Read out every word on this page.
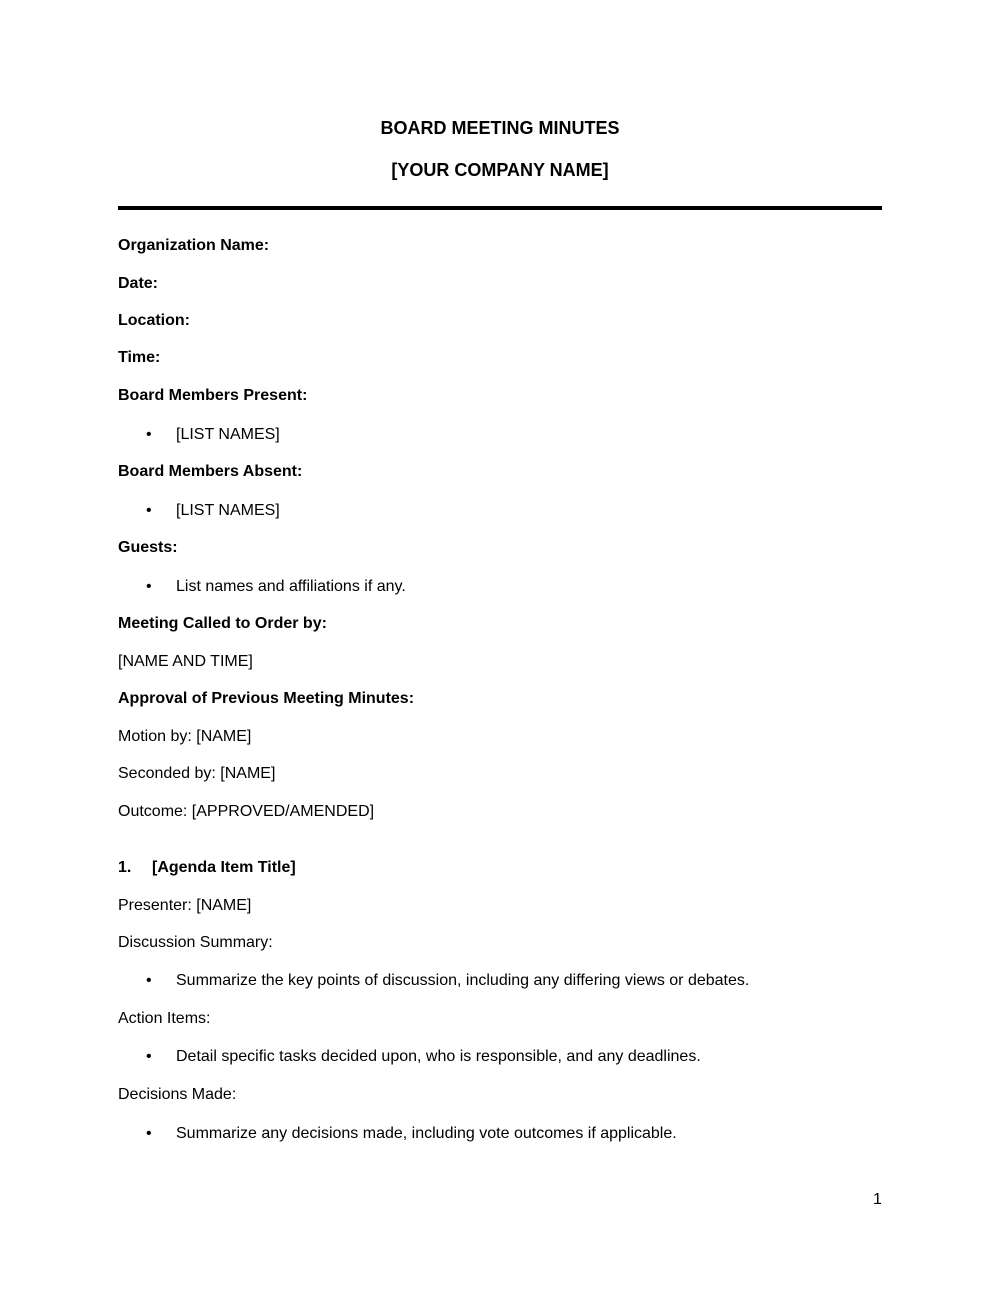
BOARD MEETING MINUTES
[YOUR COMPANY NAME]
Organization Name:
Date:
Location:
Time:
Board Members Present:
• [LIST NAMES]
Board Members Absent:
• [LIST NAMES]
Guests:
• List names and affiliations if any.
Meeting Called to Order by:
[NAME AND TIME]
Approval of Previous Meeting Minutes:
Motion by: [NAME]
Seconded by: [NAME]
Outcome: [APPROVED/AMENDED]
1. [Agenda Item Title]
Presenter: [NAME]
Discussion Summary:
• Summarize the key points of discussion, including any differing views or debates.
Action Items:
• Detail specific tasks decided upon, who is responsible, and any deadlines.
Decisions Made:
• Summarize any decisions made, including vote outcomes if applicable.
1
